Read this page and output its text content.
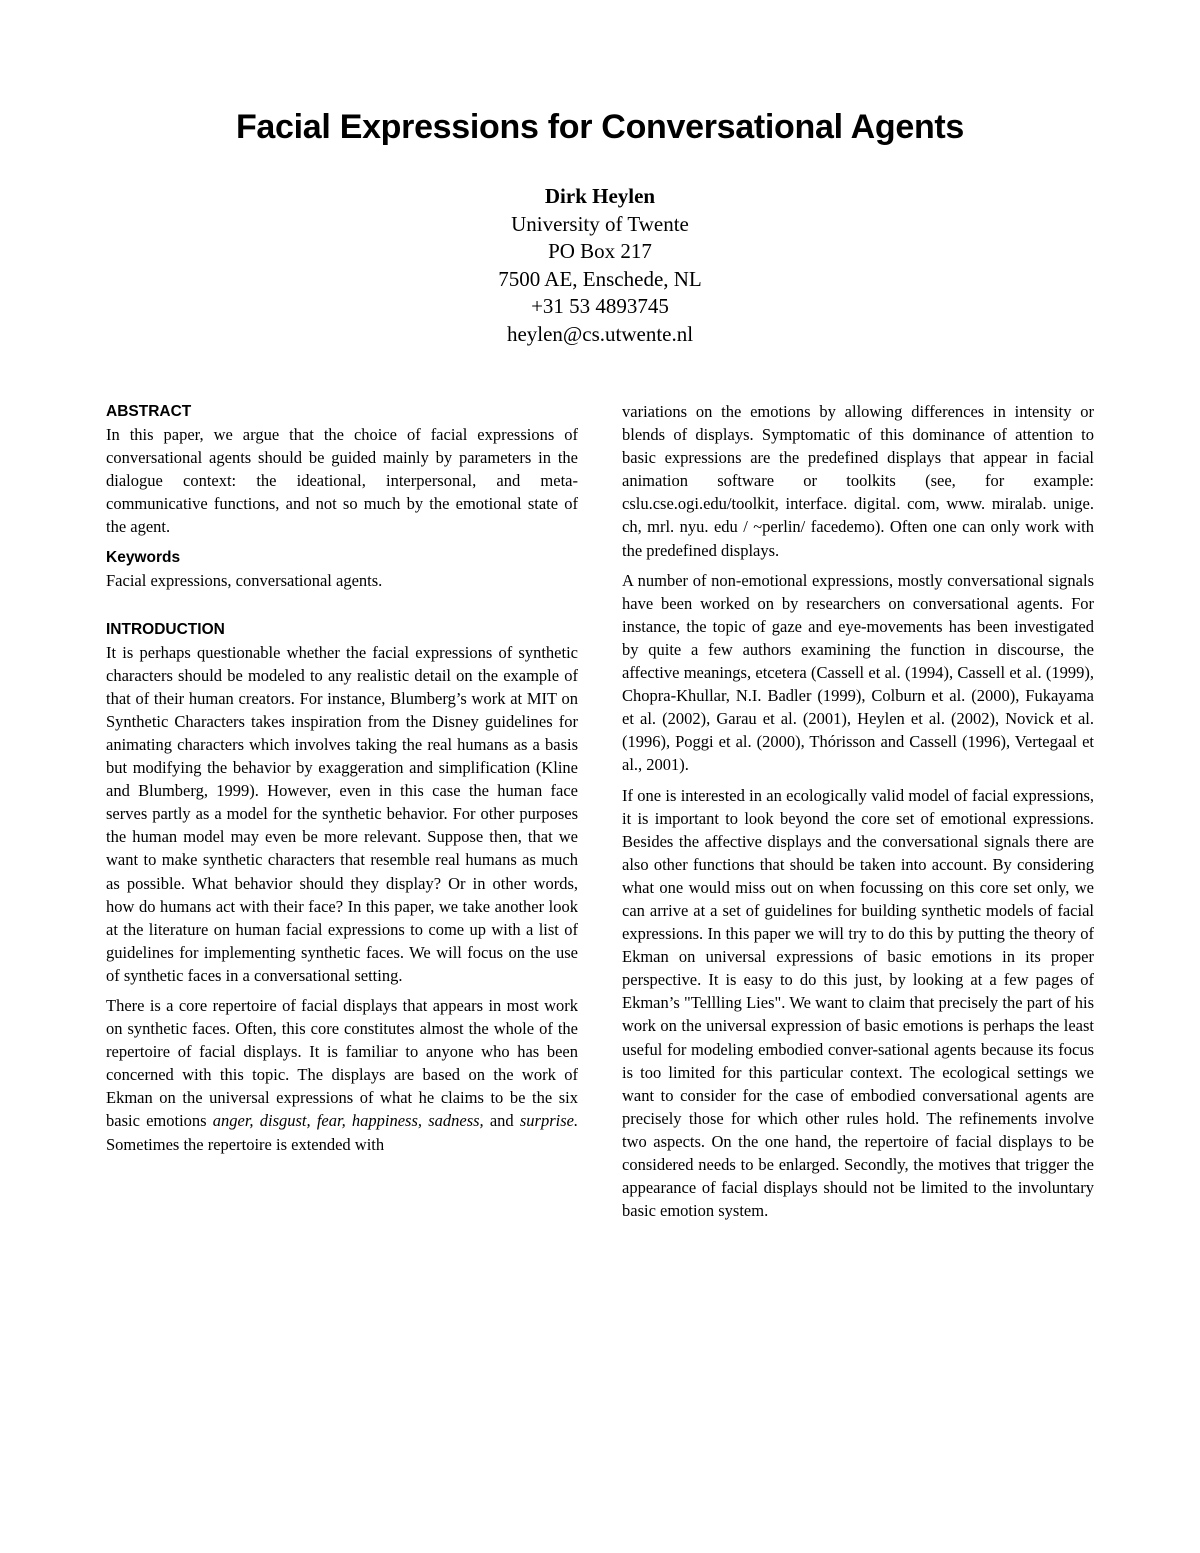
Facial Expressions for Conversational Agents
Dirk Heylen
University of Twente
PO Box 217
7500 AE, Enschede, NL
+31 53 4893745
heylen@cs.utwente.nl
ABSTRACT

In this paper, we argue that the choice of facial expressions of conversational agents should be guided mainly by parameters in the dialogue context: the ideational, interpersonal, and meta-communicative functions, and not so much by the emotional state of the agent.

Keywords

Facial expressions, conversational agents.

INTRODUCTION

It is perhaps questionable whether the facial expressions of synthetic characters should be modeled to any realistic detail on the example of that of their human creators. For instance, Blumberg’s work at MIT on Synthetic Characters takes inspiration from the Disney guidelines for animating characters which involves taking the real humans as a basis but modifying the behavior by exaggeration and simplification (Kline and Blumberg, 1999). However, even in this case the human face serves partly as a model for the synthetic behavior. For other purposes the human model may even be more relevant. Suppose then, that we want to make synthetic characters that resemble real humans as much as possible. What behavior should they display? Or in other words, how do humans act with their face? In this paper, we take another look at the literature on human facial expressions to come up with a list of guidelines for implementing synthetic faces. We will focus on the use of synthetic faces in a conversational setting.

There is a core repertoire of facial displays that appears in most work on synthetic faces. Often, this core constitutes almost the whole of the repertoire of facial displays. It is familiar to anyone who has been concerned with this topic. The displays are based on the work of Ekman on the universal expressions of what he claims to be the six basic emotions anger, disgust, fear, happiness, sadness, and surprise. Sometimes the repertoire is extended with

variations on the emotions by allowing differences in intensity or blends of displays. Symptomatic of this dominance of attention to basic expressions are the predefined displays that appear in facial animation software or toolkits (see, for example: cslu.cse.ogi.edu/toolkit, interface. digital. com, www. miralab. unige. ch, mrl. nyu. edu / ~perlin/ facedemo). Often one can only work with the predefined displays.

A number of non-emotional expressions, mostly conversational signals have been worked on by researchers on conversational agents. For instance, the topic of gaze and eye-movements has been investigated by quite a few authors examining the function in discourse, the affective meanings, etcetera (Cassell et al. (1994), Cassell et al. (1999), Chopra-Khullar, N.I. Badler (1999), Colburn et al. (2000), Fukayama et al. (2002), Garau et al. (2001), Heylen et al. (2002), Novick et al. (1996), Poggi et al. (2000), Thórisson and Cassell (1996), Vertegaal et al., 2001).

If one is interested in an ecologically valid model of facial expressions, it is important to look beyond the core set of emotional expressions. Besides the affective displays and the conversational signals there are also other functions that should be taken into account. By considering what one would miss out on when focussing on this core set only, we can arrive at a set of guidelines for building synthetic models of facial expressions. In this paper we will try to do this by putting the theory of Ekman on universal expressions of basic emotions in its proper perspective. It is easy to do this just, by looking at a few pages of Ekman’s "Tellling Lies". We want to claim that precisely the part of his work on the universal expression of basic emotions is perhaps the least useful for modeling embodied conver-sational agents because its focus is too limited for this particular context. The ecological settings we want to consider for the case of embodied conversational agents are precisely those for which other rules hold. The refinements involve two aspects. On the one hand, the repertoire of facial displays to be considered needs to be enlarged. Secondly, the motives that trigger the appearance of facial displays should not be limited to the involuntary basic emotion system.
